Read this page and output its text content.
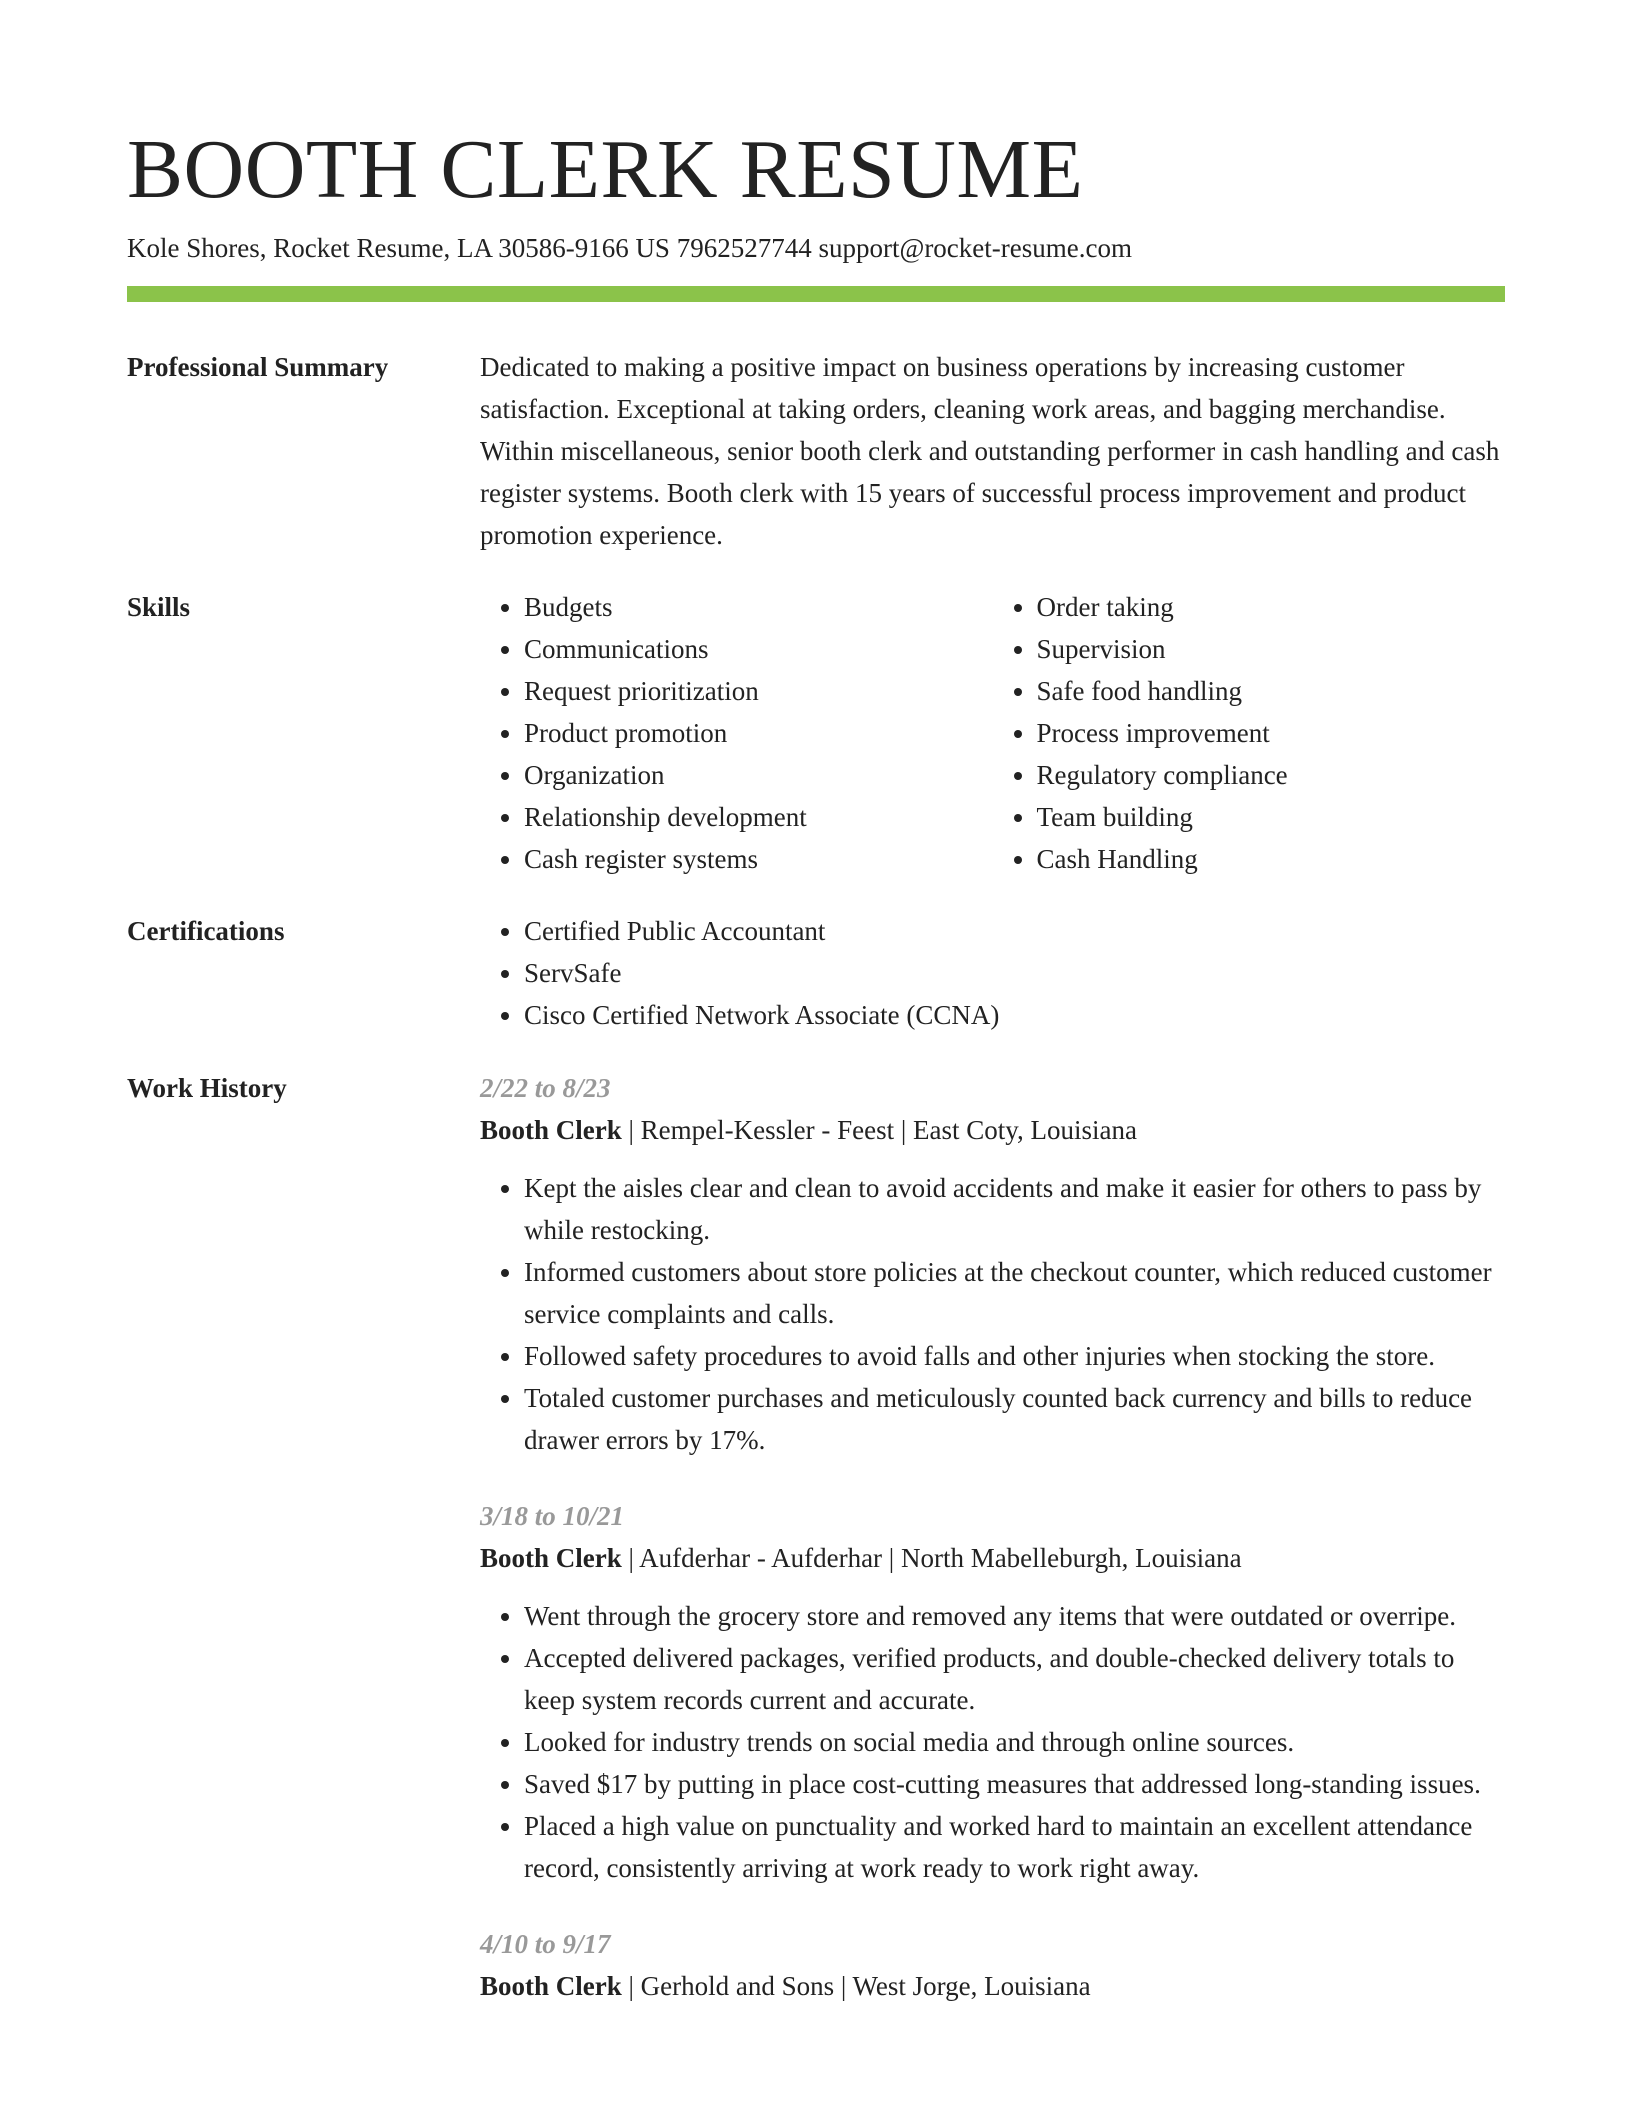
BOOTH CLERK RESUME
Kole Shores, Rocket Resume, LA 30586-9166 US 7962527744 support@rocket-resume.com
Professional Summary	Dedicated to making a positive impact on business operations by increasing customer satisfaction. Exceptional at taking orders, cleaning work areas, and bagging merchandise. Within miscellaneous, senior booth clerk and outstanding performer in cash handling and cash register systems. Booth clerk with 15 years of successful process improvement and product promotion experience.

Skills	• Budgets
• Communications
• Request prioritization
• Product promotion
• Organization
• Relationship development
• Cash register systems
• Order taking
• Supervision
• Safe food handling
• Process improvement
• Regulatory compliance
• Team building
• Cash Handling
Certifications	• Certified Public Accountant
• ServSafe
• Cisco Certified Network Associate (CCNA)
Work History	2/22 to 8/23
Booth Clerk | Rempel-Kessler - Feest | East Coty, Louisiana
• Kept the aisles clear and clean to avoid accidents and make it easier for others to pass by while restocking.
• Informed customers about store policies at the checkout counter, which reduced customer service complaints and calls.
• Followed safety procedures to avoid falls and other injuries when stocking the store.
• Totaled customer purchases and meticulously counted back currency and bills to reduce drawer errors by 17%.
3/18 to 10/21
Booth Clerk | Aufderhar - Aufderhar | North Mabelleburgh, Louisiana
• Went through the grocery store and removed any items that were outdated or overripe.
• Accepted delivered packages, verified products, and double-checked delivery totals to keep system records current and accurate.
• Looked for industry trends on social media and through online sources.
• Saved $17 by putting in place cost-cutting measures that addressed long-standing issues.
• Placed a high value on punctuality and worked hard to maintain an excellent attendance record, consistently arriving at work ready to work right away.
4/10 to 9/17
Booth Clerk | Gerhold and Sons | West Jorge, Louisiana
